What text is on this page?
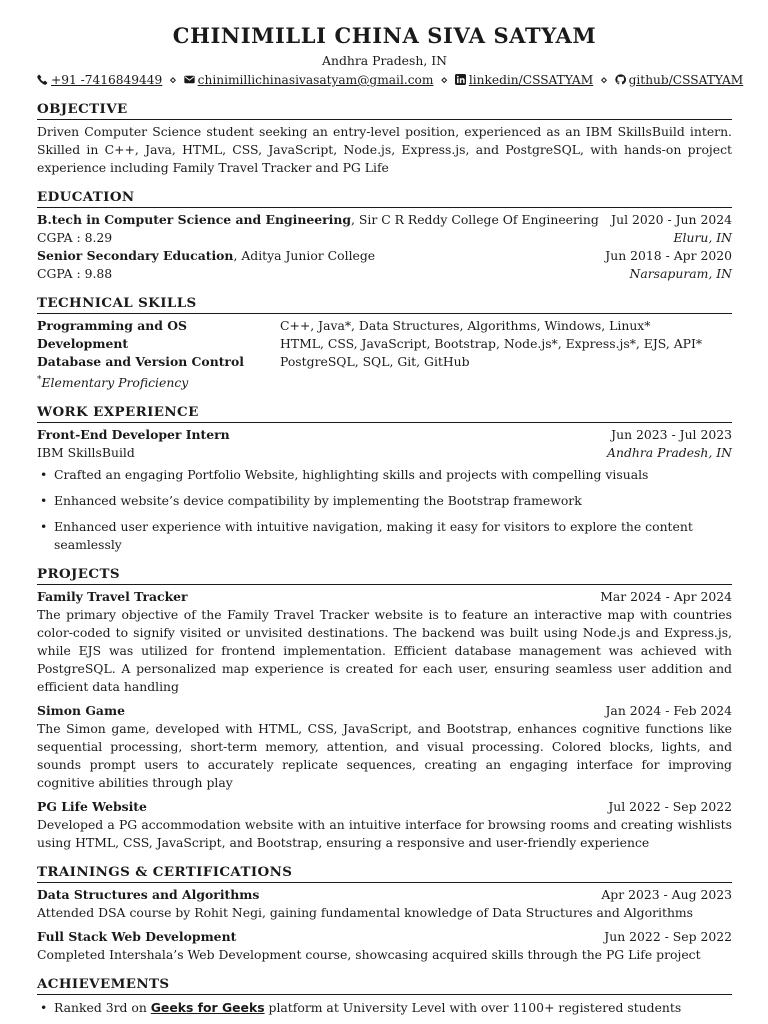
CHINIMILLI CHINA SIVA SATYAM
Andhra Pradesh, IN
+91 -7416849449 ⋄ chinimillichinasivasatyam@gmail.com ⋄ linkedin/CSSATYAM ⋄ github/CSSATYAM
OBJECTIVE
Driven Computer Science student seeking an entry-level position, experienced as an IBM SkillsBuild intern. Skilled in C++, Java, HTML, CSS, JavaScript, Node.js, Express.js, and PostgreSQL, with hands-on project experience including Family Travel Tracker and PG Life
EDUCATION
B.tech in Computer Science and Engineering, Sir C R Reddy College Of Engineering Jul 2020 - Jun 2024
CGPA : 8.29	Eluru, IN
Senior Secondary Education, Aditya Junior College	Jun 2018 - Apr 2020
CGPA : 9.88	Narsapuram, IN
TECHNICAL SKILLS
Programming and OS	C++, Java*, Data Structures, Algorithms, Windows, Linux*
Development	HTML, CSS, JavaScript, Bootstrap, Node.js*, Express.js*, EJS, API*
Database and Version Control	PostgreSQL, SQL, Git, GitHub
*Elementary Proficiency
WORK EXPERIENCE
Front-End Developer Intern	Jun 2023 - Jul 2023
IBM SkillsBuild	Andhra Pradesh, IN
• Crafted an engaging Portfolio Website, highlighting skills and projects with compelling visuals
• Enhanced website’s device compatibility by implementing the Bootstrap framework
• Enhanced user experience with intuitive navigation, making it easy for visitors to explore the content seamlessly
PROJECTS
Family Travel Tracker	Mar 2024 - Apr 2024
The primary objective of the Family Travel Tracker website is to feature an interactive map with countries color-coded to signify visited or unvisited destinations. The backend was built using Node.js and Express.js, while EJS was utilized for frontend implementation. Efficient database management was achieved with PostgreSQL. A personalized map experience is created for each user, ensuring seamless user addition and efficient data handling
Simon Game	Jan 2024 - Feb 2024
The Simon game, developed with HTML, CSS, JavaScript, and Bootstrap, enhances cognitive functions like sequential processing, short-term memory, attention, and visual processing. Colored blocks, lights, and sounds prompt users to accurately replicate sequences, creating an engaging interface for improving cognitive abilities through play
PG Life Website	Jul 2022 - Sep 2022
Developed a PG accommodation website with an intuitive interface for browsing rooms and creating wishlists using HTML, CSS, JavaScript, and Bootstrap, ensuring a responsive and user-friendly experience
TRAININGS & CERTIFICATIONS
Data Structures and Algorithms	Apr 2023 - Aug 2023
Attended DSA course by Rohit Negi, gaining fundamental knowledge of Data Structures and Algorithms
Full Stack Web Development	Jun 2022 - Sep 2022
Completed Intershala’s Web Development course, showcasing acquired skills through the PG Life project
ACHIEVEMENTS
• Ranked 3rd on Geeks for Geeks platform at University Level with over 1100+ registered students
